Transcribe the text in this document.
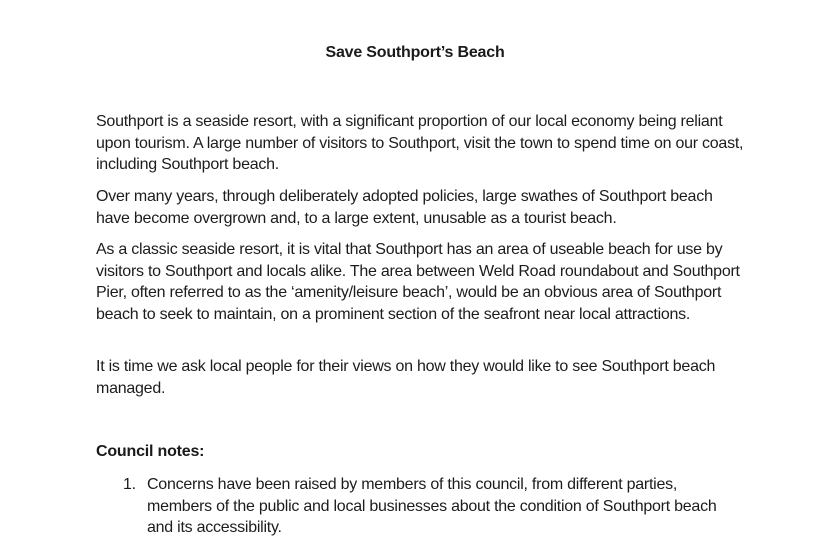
Save Southport’s Beach

Southport is a seaside resort, with a significant proportion of our local economy being reliant upon tourism. A large number of visitors to Southport, visit the town to spend time on our coast, including Southport beach.

Over many years, through deliberately adopted policies, large swathes of Southport beach have become overgrown and, to a large extent, unusable as a tourist beach.

As a classic seaside resort, it is vital that Southport has an area of useable beach for use by visitors to Southport and locals alike. The area between Weld Road roundabout and Southport Pier, often referred to as the ‘amenity/leisure beach’, would be an obvious area of Southport beach to seek to maintain, on a prominent section of the seafront near local attractions.

It is time we ask local people for their views on how they would like to see Southport beach managed.

Council notes:
1. Concerns have been raised by members of this council, from different parties, members of the public and local businesses about the condition of Southport beach and its accessibility.
